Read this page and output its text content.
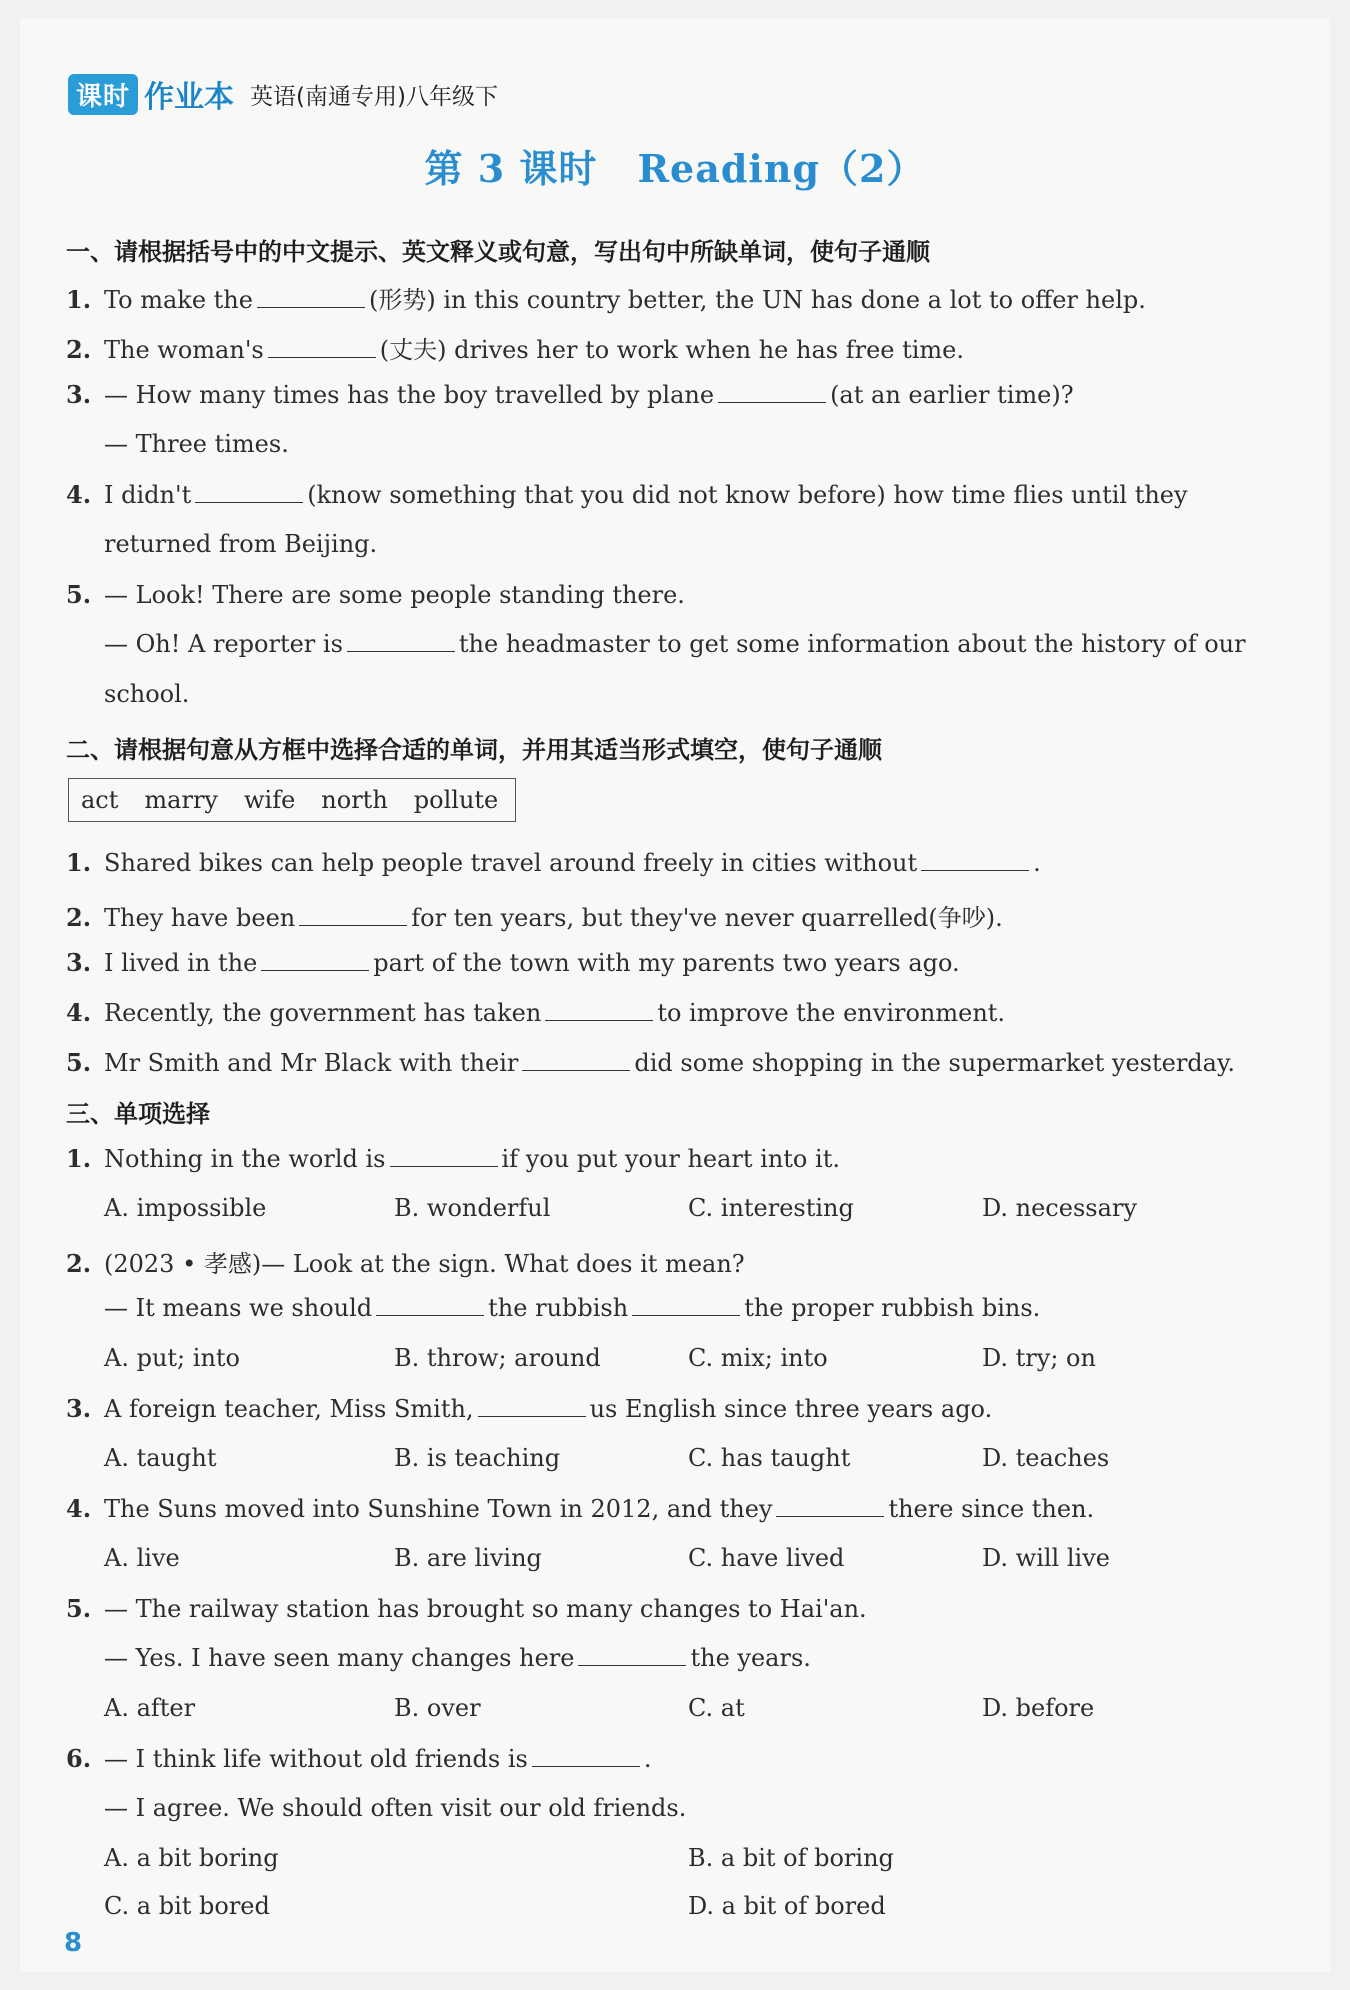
课时 作业本 英语(南通专用)八年级下
第 3 课时 Reading（2）
一、请根据括号中的中文提示、英文释义或句意，写出句中所缺单词，使句子通顺
1. To make the	(形势) in this country better, the UN has done a lot to offer help.
2. The woman's	(丈夫) drives her to work when he has free time.
3. — How many times has the boy travelled by plane	(at an earlier time)?
— Three times.
4. I didn't	(know something that you did not know before) how time flies until they
returned from Beijing.
5. — Look! There are some people standing there.
— Oh! A reporter is	the headmaster to get some information about the history of our
school.
二、请根据句意从方框中选择合适的单词，并用其适当形式填空，使句子通顺
act marry wife north pollute
1. Shared bikes can help people travel around freely in cities without	.
2. They have been	for ten years, but they've never quarrelled(争吵).
3. I lived in the	part of the town with my parents two years ago.
4. Recently, the government has taken	to improve the environment.
5. Mr Smith and Mr Black with their	did some shopping in the supermarket yesterday.
三、单项选择
1. Nothing in the world is	if you put your heart into it.
A. impossible	B. wonderful	C. interesting	D. necessary
2. (2023 • 孝感)— Look at the sign. What does it mean?
— It means we should	the rubbish	the proper rubbish bins.
A. put; into	B. throw; around	C. mix; into	D. try; on
3. A foreign teacher, Miss Smith,	us English since three years ago.
A. taught	B. is teaching	C. has taught	D. teaches
4. The Suns moved into Sunshine Town in 2012, and they	there since then.
A. live	B. are living	C. have lived	D. will live
5. — The railway station has brought so many changes to Hai'an.
— Yes. I have seen many changes here	the years.
A. after	B. over	C. at	D. before
6. — I think life without old friends is	.
— I agree. We should often visit our old friends.
A. a bit boring	B. a bit of boring
C. a bit bored	D. a bit of bored
8
